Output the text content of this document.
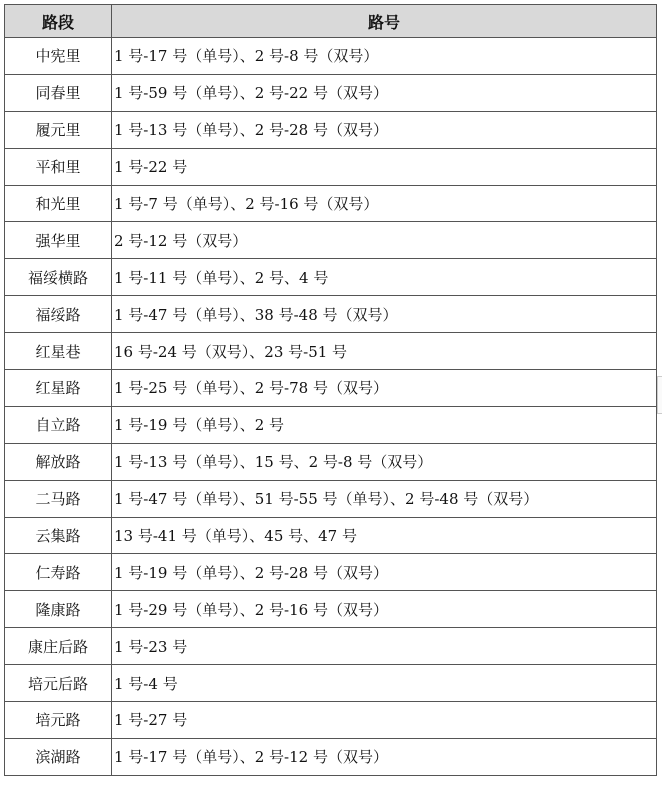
路段	路号
中宪里	1 号-17 号（单号）、2 号-8 号（双号）
同春里	1 号-59 号（单号）、2 号-22 号（双号）
履元里	1 号-13 号（单号）、2 号-28 号（双号）
平和里	1 号-22 号
和光里	1 号-7 号（单号）、2 号-16 号（双号）
强华里	2 号-12 号（双号）
福绥横路	1 号-11 号（单号）、2 号、4 号
福绥路	1 号-47 号（单号）、38 号-48 号（双号）
红星巷	16 号-24 号（双号）、23 号-51 号
红星路	1 号-25 号（单号）、2 号-78 号（双号）
自立路	1 号-19 号（单号）、2 号
解放路	1 号-13 号（单号）、15 号、2 号-8 号（双号）
二马路	1 号-47 号（单号）、51 号-55 号（单号）、2 号-48 号（双号）
云集路	13 号-41 号（单号）、45 号、47 号
仁寿路	1 号-19 号（单号）、2 号-28 号（双号）
隆康路	1 号-29 号（单号）、2 号-16 号（双号）
康庄后路	1 号-23 号
培元后路	1 号-4 号
培元路	1 号-27 号
滨湖路	1 号-17 号（单号）、2 号-12 号（双号）
